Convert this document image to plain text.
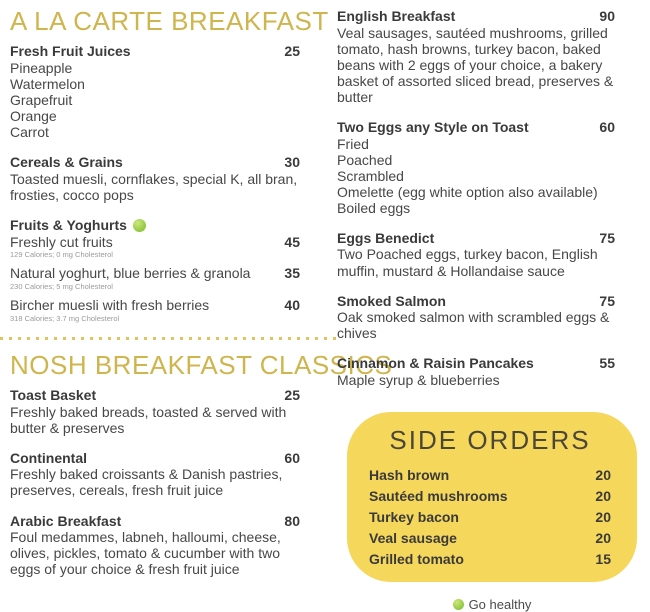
A LA CARTE BREAKFAST
Fresh Fruit Juices	25
Pineapple
Watermelon
Grapefruit
Orange
Carrot
Cereals & Grains	30
Toasted muesli, cornflakes, special K, all bran, frosties, cocco pops
Fruits & Yoghurts
Freshly cut fruits	45
129 Calories; 0 mg Cholesterol
Natural yoghurt, blue berries & granola 35
230 Calories; 5 mg Cholesterol
Bircher muesli with fresh berries	40
318 Calories; 3.7 mg Cholesterol
NOSH BREAKFAST CLASSICS
Toast Basket	25
Freshly baked breads, toasted & served with butter & preserves
Continental	60
Freshly baked croissants & Danish pastries, preserves, cereals, fresh fruit juice
Arabic Breakfast	80
Foul medammes, labneh, halloumi, cheese, olives, pickles, tomato & cucumber with two eggs of your choice & fresh fruit juice
English Breakfast	90
Veal sausages, sautéed mushrooms, grilled tomato, hash browns, turkey bacon, baked beans with 2 eggs of your choice, a bakery basket of assorted sliced bread, preserves & butter
Two Eggs any Style on Toast	60
Fried
Poached
Scrambled
Omelette (egg white option also available)
Boiled eggs
Eggs Benedict	75
Two Poached eggs, turkey bacon, English muffin, mustard & Hollandaise sauce
Smoked Salmon	75
Oak smoked salmon with scrambled eggs & chives
Cinnamon & Raisin Pancakes	55
Maple syrup & blueberries
SIDE ORDERS
Hash brown	20
Sautéed mushrooms	20
Turkey bacon	20
Veal sausage	20
Grilled tomato	15
Go healthy
